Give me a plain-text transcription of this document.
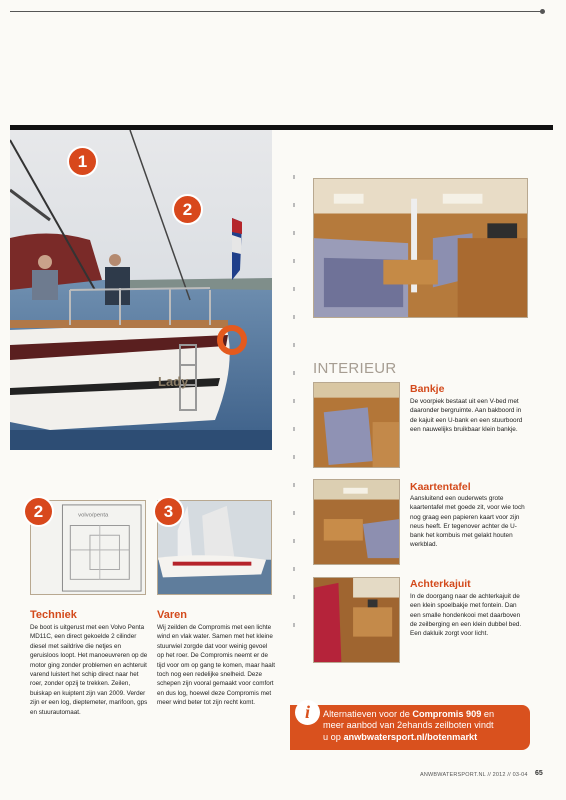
Lady
1
2
INTERIEUR
Bankje
De voorpiek bestaat uit een V-bed met daaronder bergruimte. Aan bakboord in de kajuit een U-bank en een stuurboord een nauwelijks bruikbaar klein bankje.
Kaartentafel
Aansluitend een ouderwets grote kaartentafel met goede zit, voor wie toch nog graag een papieren kaart voor zijn neus heeft. Er tegenover achter de U-bank het kombuis met gelakt houten werkblad.
Achterkajuit
In de doorgang naar de achterkajuit de een klein spoelbakje met fontein. Dan een smalle hondenkooi met daarboven de zeilberging en een klein dubbel bed. Een dakluik zorgt voor licht.
volvo/penta
2	3
Techniek
De boot is uitgerust met een Volvo Penta MD11C, een direct gekoelde 2 cilinder diesel met saildrive die netjes en geruisloos loopt. Het manoeuvreren op de motor ging zonder problemen en achteruit varend luistert het schip direct naar het roer, zonder opzij te trekken. Zeilen, buiskap en kuiptent zijn van 2009. Verder zijn er een log, dieptemeter, marifoon, gps en stuurautomaat.
Varen
Wij zeilden de Compromis met een lichte wind en vlak water. Samen met het kleine stuurwiel zorgde dat voor weinig gevoel op het roer. De Compromis neemt er de tijd voor om op gang te komen, maar haalt toch nog een redelijke snelheid. Deze schepen zijn vooral gemaakt voor comfort en dus log, hoewel deze Compromis met meer wind beter tot zijn recht komt.	i	Alternatieven voor de Compromis 909 en
meer aanbod van 2ehands zeilboten vindt
u op anwbwatersport.nl/botenmarkt
ANWBWATERSPORT.NL // 2012 // 03-04 65
